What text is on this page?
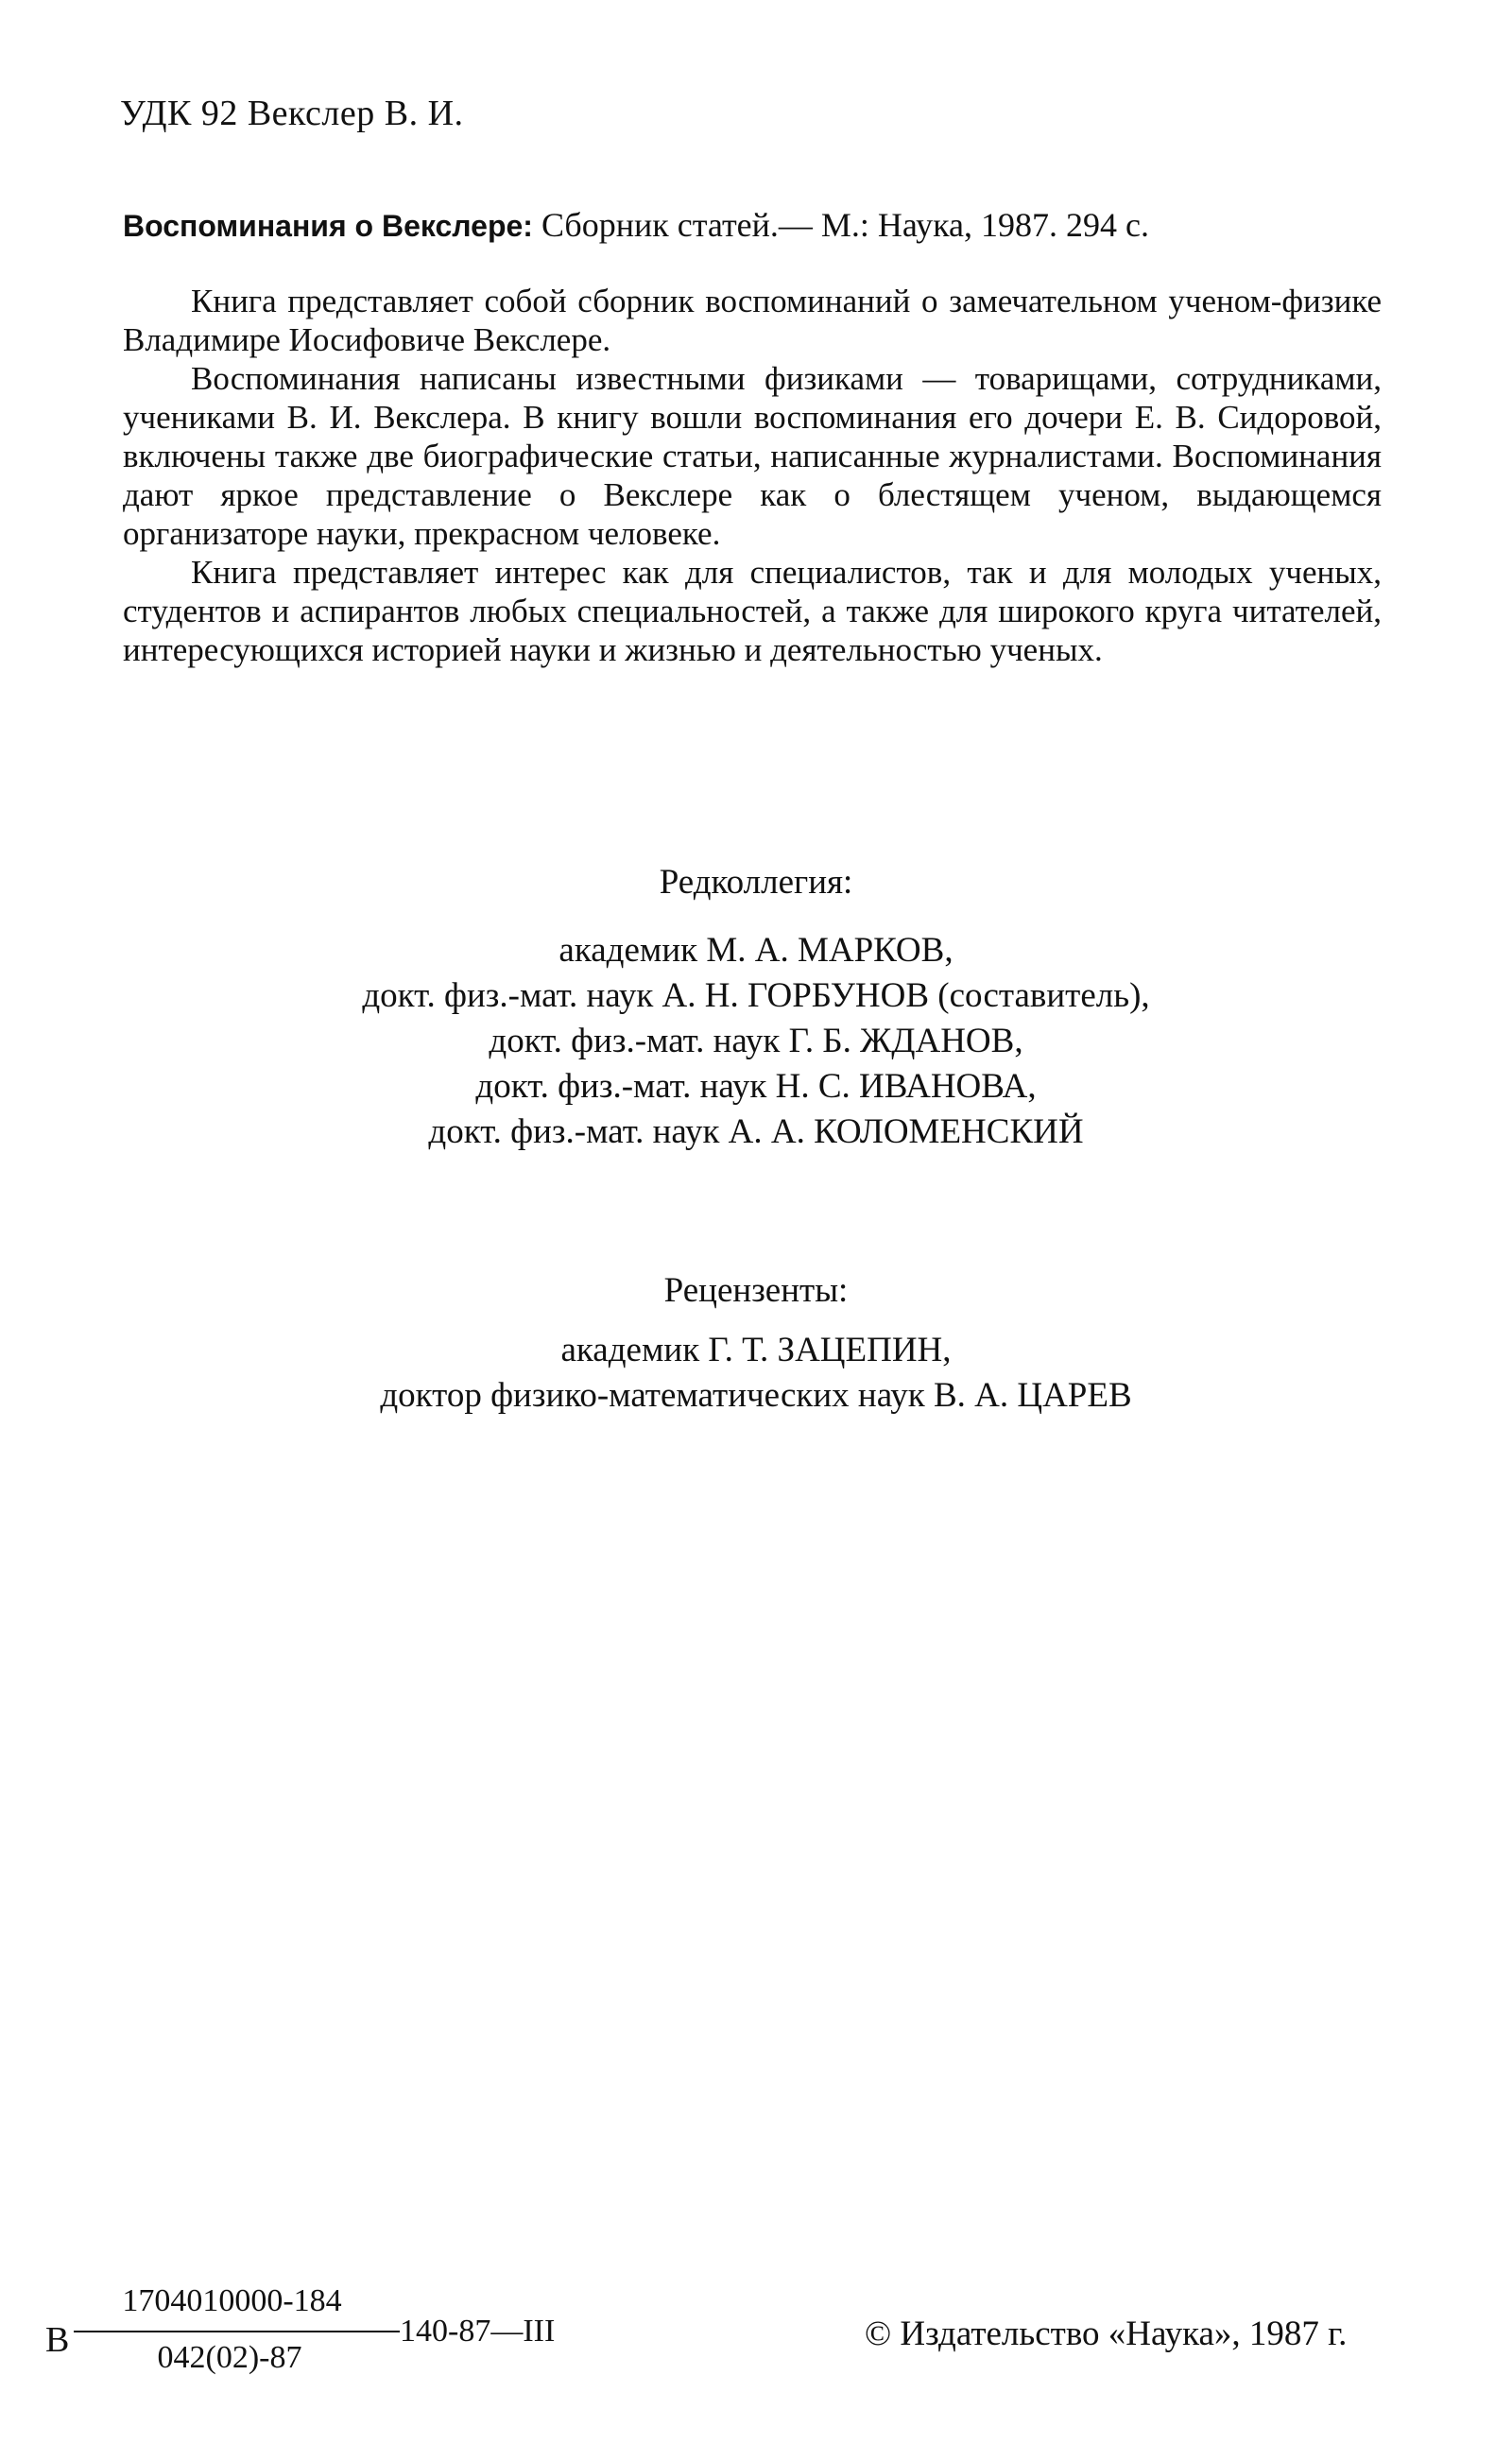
УДК 92 Векслер В. И.
Воспоминания о Векслере: Сборник статей.— М.: Наука, 1987. 294 с.

Книга представляет собой сборник воспоминаний о замечательном ученом-физике Владимире Иосифовиче Векслере.

Воспоминания написаны известными физиками — товарищами, сотрудниками, учениками В. И. Векслера. В книгу вошли воспоминания его дочери Е. В. Сидоровой, включены также две биографические статьи, написанные журналистами. Воспоминания дают яркое представление о Векслере как о блестящем ученом, выдающемся организаторе науки, прекрасном человеке.

Книга представляет интерес как для специалистов, так и для молодых ученых, студентов и аспирантов любых специальностей, а также для широкого круга читателей, интересующихся историей науки и жизнью и деятельностью ученых.

Редколлегия:
академик М. А. МАРКОВ,
докт. физ.-мат. наук А. Н. ГОРБУНОВ (составитель),
докт. физ.-мат. наук Г. Б. ЖДАНОВ,
докт. физ.-мат. наук Н. С. ИВАНОВА,
докт. физ.-мат. наук А. А. КОЛОМЕНСКИЙ
Рецензенты:
академик Г. Т. ЗАЦЕПИН,
доктор физико-математических наук В. А. ЦАРЕВ
В
1704010000-184
042(02)-87
140-87—III	© Издательство «Наука», 1987 г.
